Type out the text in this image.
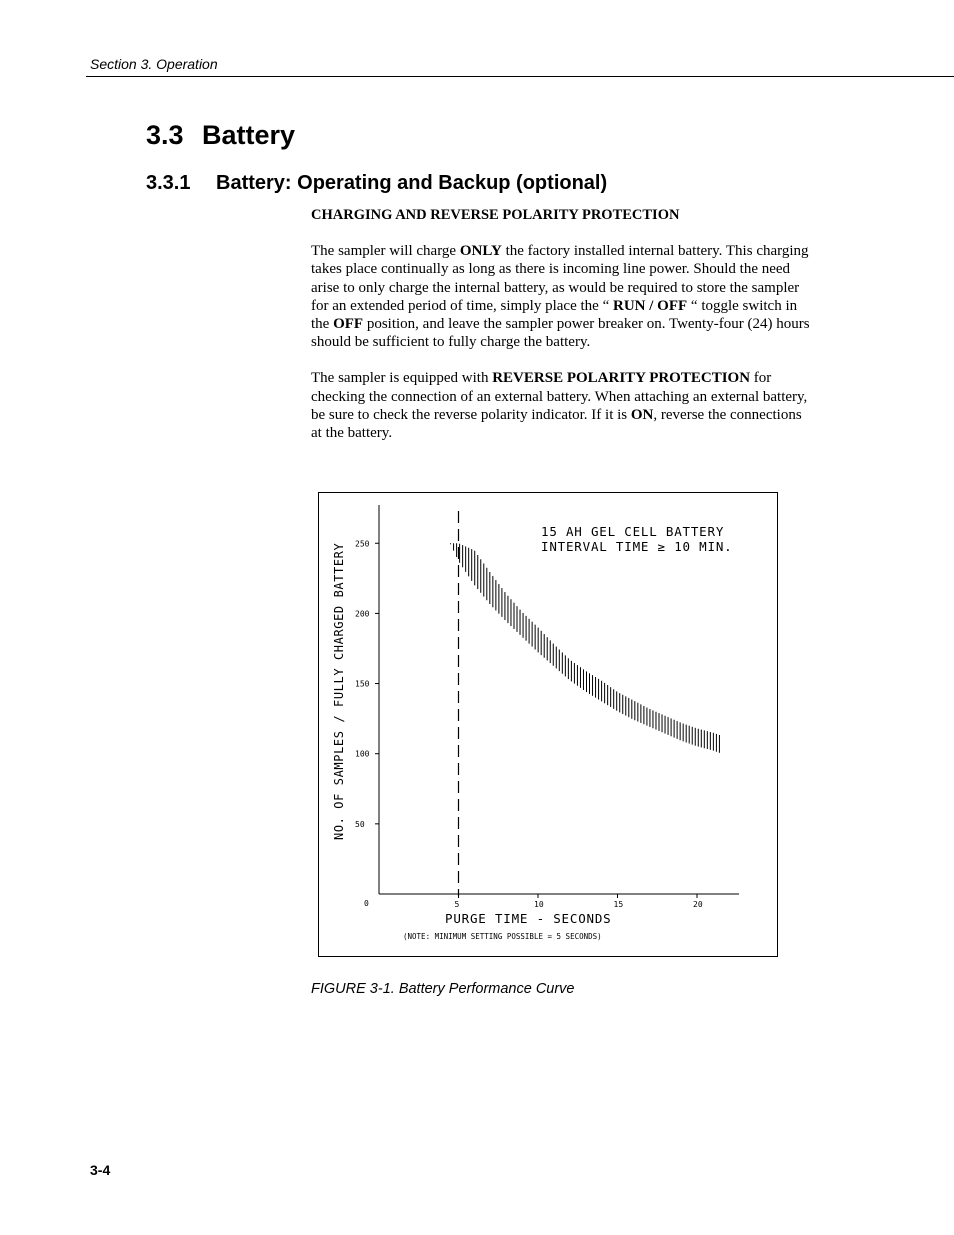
Section 3. Operation
3.3 Battery
3.3.1 Battery: Operating and Backup (optional)
CHARGING AND REVERSE POLARITY PROTECTION

The sampler will charge ONLY the factory installed internal battery. This charging takes place continually as long as there is incoming line power. Should the need arise to only charge the internal battery, as would be required to store the sampler for an extended period of time, simply place the “ RUN / OFF “ toggle switch in the OFF position, and leave the sampler power breaker on. Twenty-four (24) hours should be sufficient to fully charge the battery.

The sampler is equipped with REVERSE POLARITY PROTECTION for checking the connection of an external battery. When attaching an external battery, be sure to check the reverse polarity indicator. If it is ON, reverse the connections at the battery.

50
100
150
200
250
5	10	15	20
NO. OF SAMPLES / FULLY CHARGED BATTERY
15 AH GEL CELL BATTERY
INTERVAL TIME ≥ 10 MIN.
PURGE TIME - SECONDS
(NOTE: MINIMUM SETTING POSSIBLE = 5 SECONDS)
0
FIGURE 3-1. Battery Performance Curve
3-4
